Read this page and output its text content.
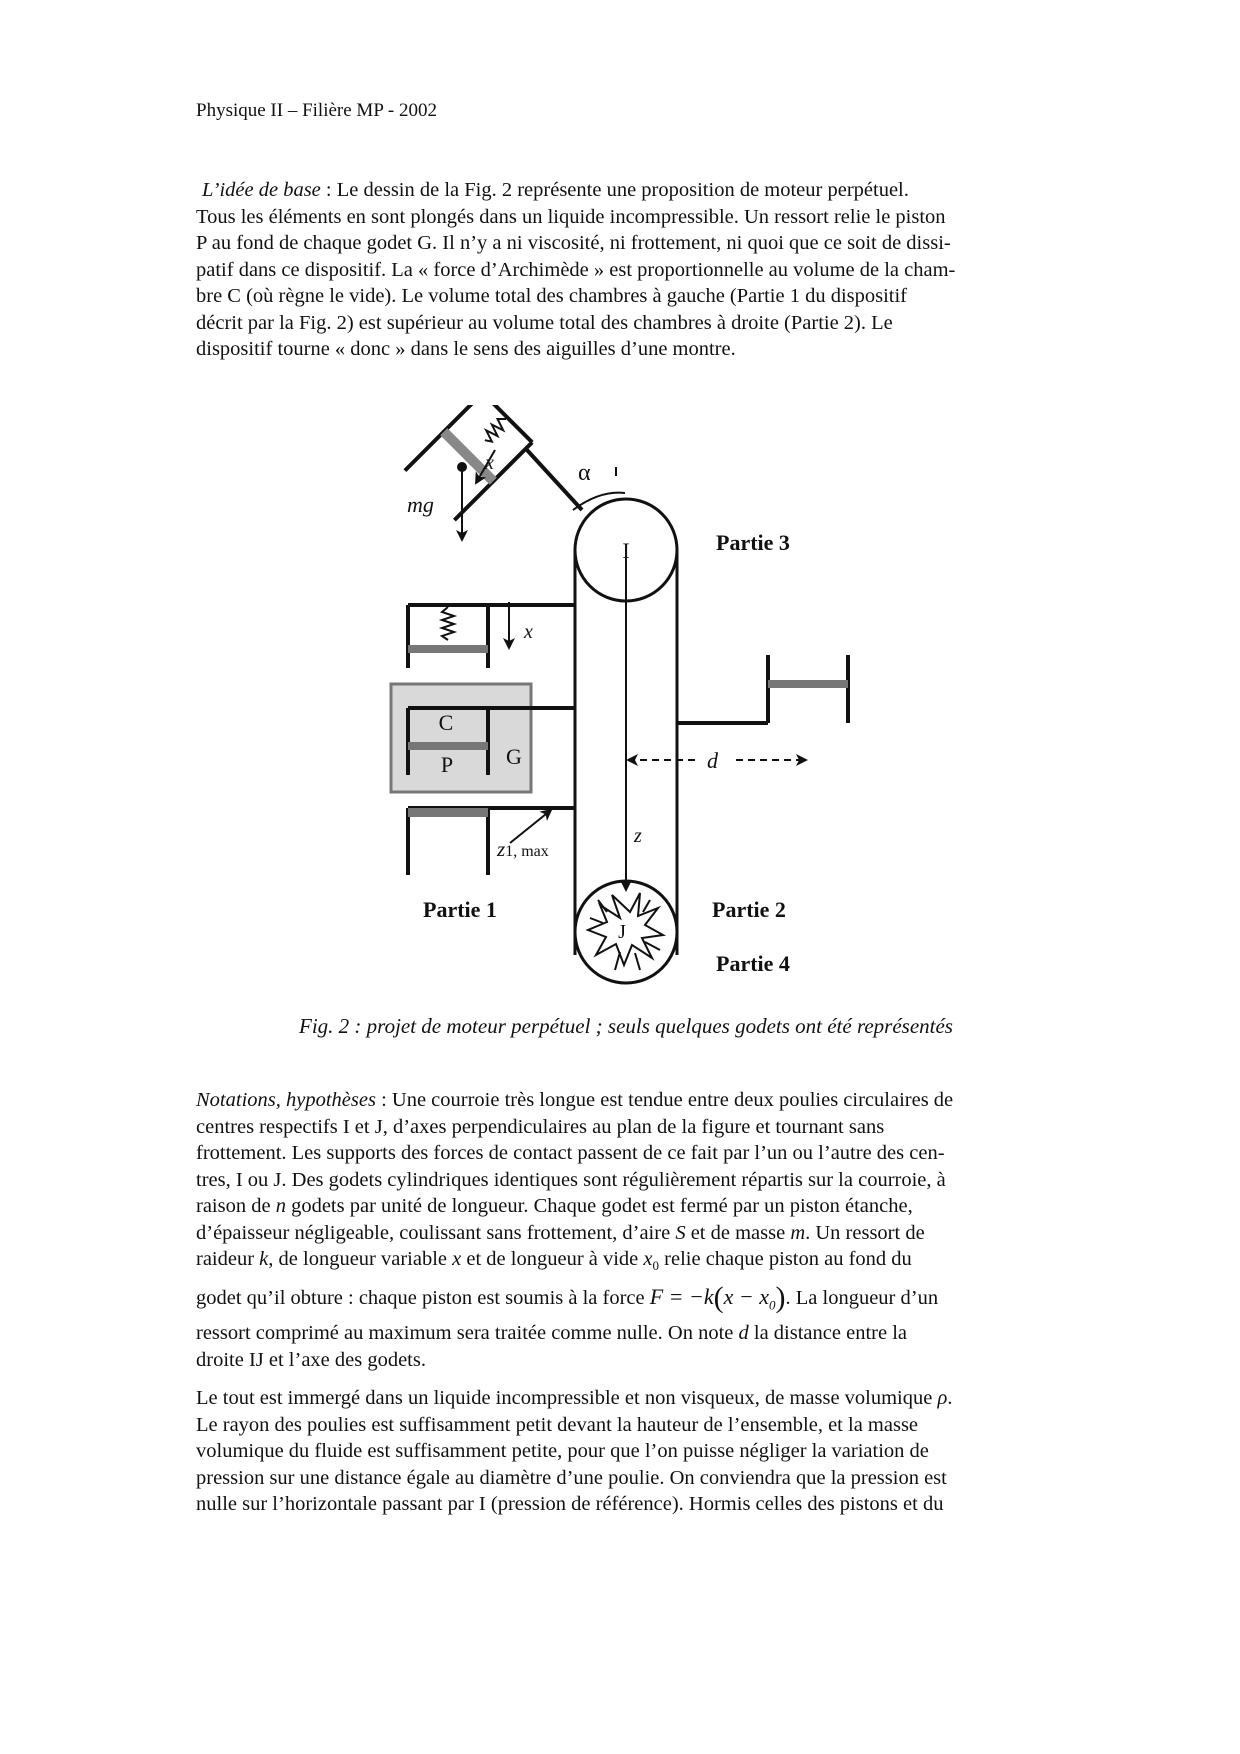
Physique II – Filière MP - 2002
L’idée de base : Le dessin de la Fig. 2 représente une proposition de moteur perpétuel.
Tous les éléments en sont plongés dans un liquide incompressible. Un ressort relie le piston
P au fond de chaque godet G. Il n’y a ni viscosité, ni frottement, ni quoi que ce soit de dissi-
patif dans ce dispositif. La « force d’Archimède » est proportionnelle au volume de la cham-
bre C (où règne le vide). Le volume total des chambres à gauche (Partie 1 du dispositif
décrit par la Fig. 2) est supérieur au volume total des chambres à droite (Partie 2). Le
dispositif tourne « donc » dans le sens des aiguilles d’une montre.
mg
x	α
I	Partie 3
x
C
P G
z1, max
d
z
Partie 1	Partie 2
J
Partie 4
Fig. 2 : projet de moteur perpétuel ; seuls quelques godets ont été représentés
Notations, hypothèses : Une courroie très longue est tendue entre deux poulies circulaires de
centres respectifs I et J, d’axes perpendiculaires au plan de la figure et tournant sans
frottement. Les supports des forces de contact passent de ce fait par l’un ou l’autre des cen-
tres, I ou J. Des godets cylindriques identiques sont régulièrement répartis sur la courroie, à
raison de n godets par unité de longueur. Chaque godet est fermé par un piston étanche,
d’épaisseur négligeable, coulissant sans frottement, d’aire S et de masse m. Un ressort de
raideur k, de longueur variable x et de longueur à vide $x_0$ relie chaque piston au fond du
godet qu’il obture : chaque piston est soumis à la force $F = -k(x - x_0)$. La longueur d’un
ressort comprimé au maximum sera traitée comme nulle. On note d la distance entre la
droite IJ et l’axe des godets.
Le tout est immergé dans un liquide incompressible et non visqueux, de masse volumique ρ.
Le rayon des poulies est suffisamment petit devant la hauteur de l’ensemble, et la masse
volumique du fluide est suffisamment petite, pour que l’on puisse négliger la variation de
pression sur une distance égale au diamètre d’une poulie. On conviendra que la pression est
nulle sur l’horizontale passant par I (pression de référence). Hormis celles des pistons et du
